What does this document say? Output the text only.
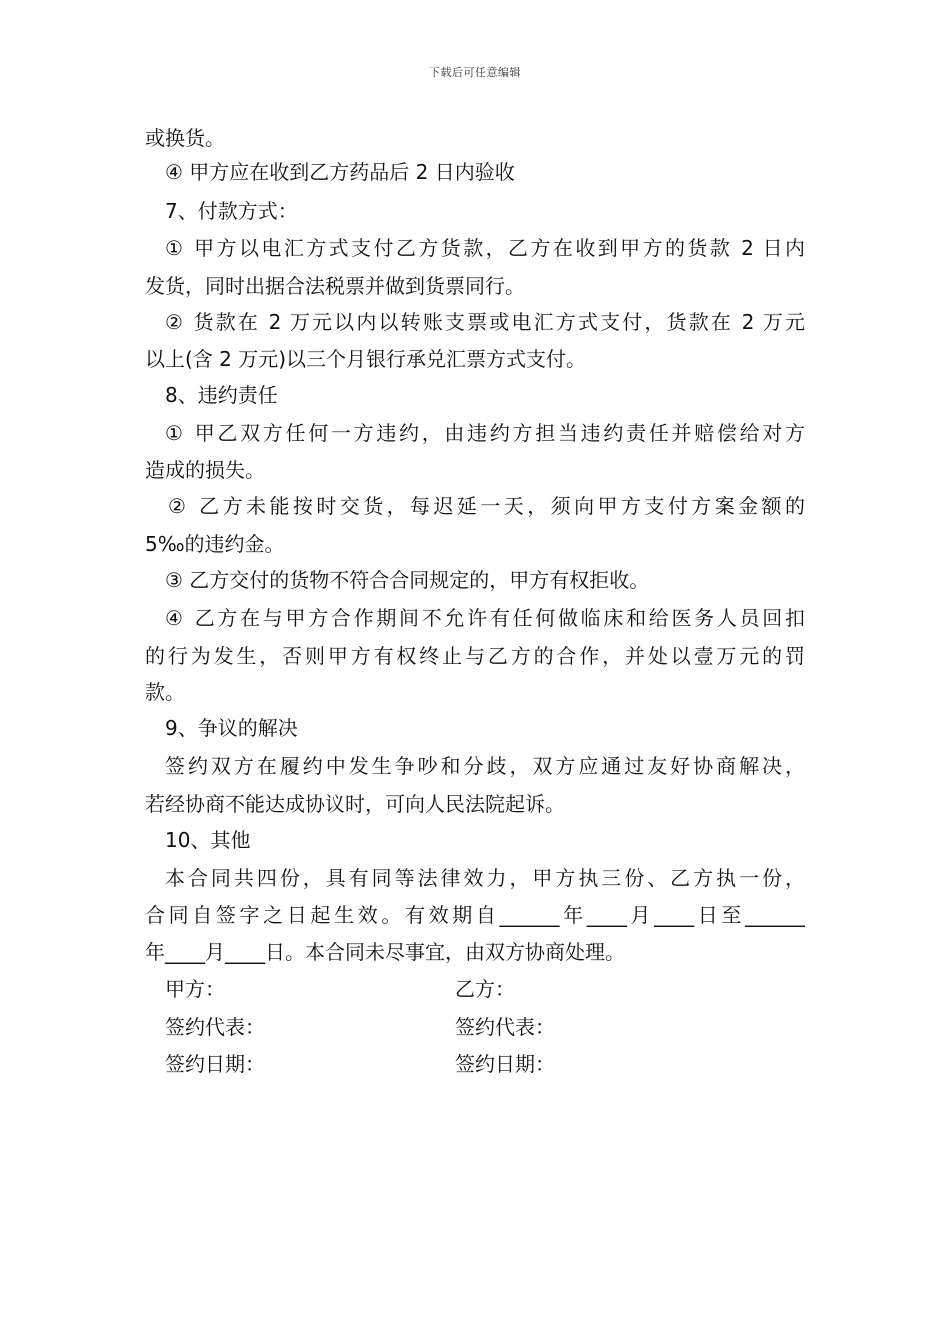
下载后可任意编辑
或换货。
④ 甲方应在收到乙方药品后 2 日内验收
7、付款方式：
① 甲方以电汇方式支付乙方货款，乙方在收到甲方的货款 2 日内
发货，同时出据合法税票并做到货票同行。
② 货款在 2 万元以内以转账支票或电汇方式支付，货款在 2 万元
以上(含 2 万元)以三个月银行承兑汇票方式支付。
8、违约责任
① 甲乙双方任何一方违约，由违约方担当违约责任并赔偿给对方
造成的损失。
② 乙方未能按时交货，每迟延一天，须向甲方支付方案金额的
5‰的违约金。
③ 乙方交付的货物不符合合同规定的，甲方有权拒收。
④ 乙方在与甲方合作期间不允许有任何做临床和给医务人员回扣
的行为发生，否则甲方有权终止与乙方的合作，并处以壹万元的罚
款。
9、争议的解决
签约双方在履约中发生争吵和分歧，双方应通过友好协商解决，
若经协商不能达成协议时，可向人民法院起诉。
10、其他
本合同共四份，具有同等法律效力，甲方执三份、乙方执一份，
合同自签字之日起生效。有效期自______年____月____日至______
年____月____日。本合同未尽事宜，由双方协商处理。
甲方：	乙方：
签约代表：	签约代表：
签约日期：	签约日期：
